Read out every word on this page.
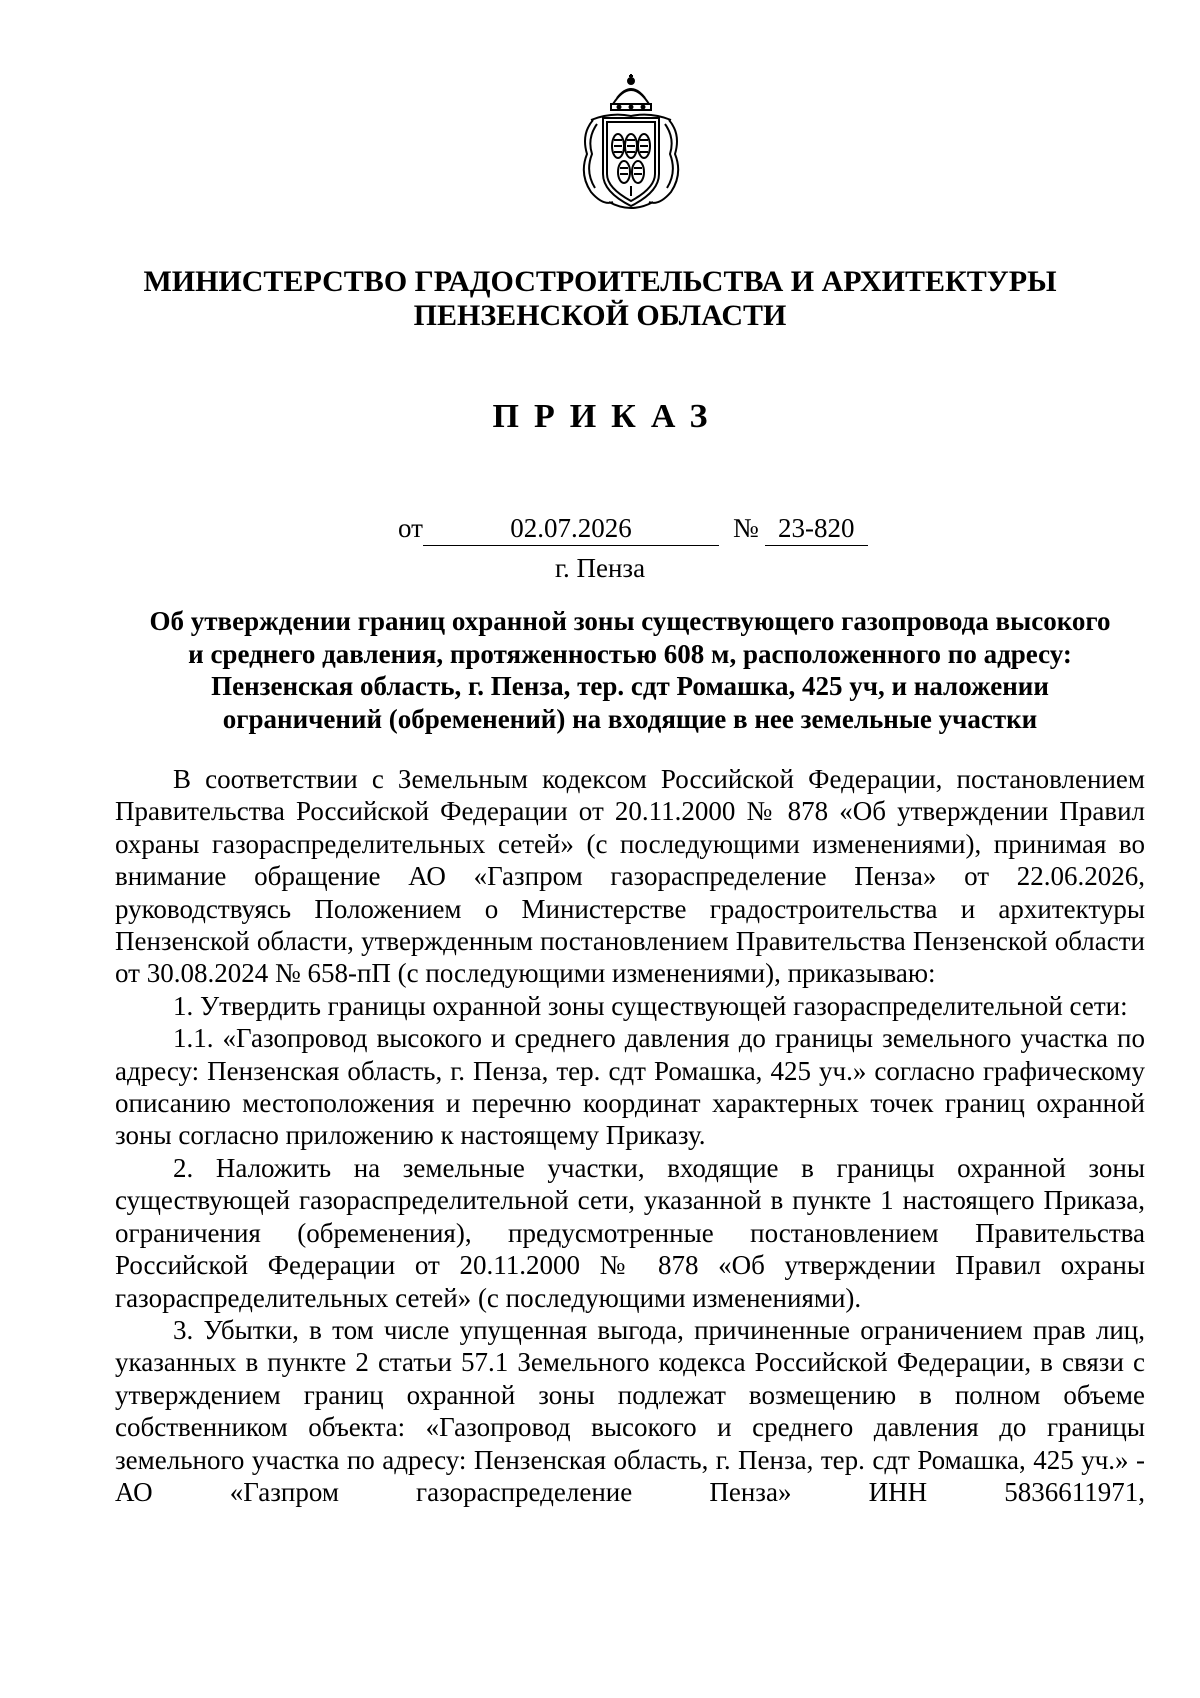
МИНИСТЕРСТВО ГРАДОСТРОИТЕЛЬСТВА И АРХИТЕКТУРЫ
ПЕНЗЕНСКОЙ ОБЛАСТИ
ПРИКАЗ
от	02.07.2026	№ 23-820
г. Пенза
Об утверждении границ охранной зоны существующего газопровода высокого
и среднего давления, протяженностью 608 м, расположенного по адресу:
Пензенская область, г. Пенза, тер. сдт Ромашка, 425 уч, и наложении
ограничений (обременений) на входящие в нее земельные участки

В соответствии с Земельным кодексом Российской Федерации, постановлением Правительства Российской Федерации от 20.11.2000 № 878 «Об утверждении Правил охраны газораспределительных сетей» (с последующими изменениями), принимая во внимание обращение АО «Газпром газораспределение Пенза» от 22.06.2026, руководствуясь Положением о Министерстве градостроительства и архитектуры Пензенской области, утвержденным постановлением Правительства Пензенской области от 30.08.2024 № 658-пП (с последующими изменениями), приказываю:

1. Утвердить границы охранной зоны существующей газораспределительной сети:

1.1. «Газопровод высокого и среднего давления до границы земельного участка по адресу: Пензенская область, г. Пенза, тер. сдт Ромашка, 425 уч.» согласно графическому описанию местоположения и перечню координат характерных точек границ охранной зоны согласно приложению к настоящему Приказу.

2. Наложить на земельные участки, входящие в границы охранной зоны существующей газораспределительной сети, указанной в пункте 1 настоящего Приказа, ограничения (обременения), предусмотренные постановлением Правительства Российской Федерации от 20.11.2000 № 878 «Об утверждении Правил охраны газораспределительных сетей» (с последующими изменениями).

3. Убытки, в том числе упущенная выгода, причиненные ограничением прав лиц, указанных в пункте 2 статьи 57.1 Земельного кодекса Российской Федерации, в связи с утверждением границ охранной зоны подлежат возмещению в полном объеме собственником объекта: «Газопровод высокого и среднего давления до границы земельного участка по адресу: Пензенская область, г. Пенза, тер. сдт Ромашка, 425 уч.» - АО «Газпром газораспределение Пенза» ИНН 5836611971,
